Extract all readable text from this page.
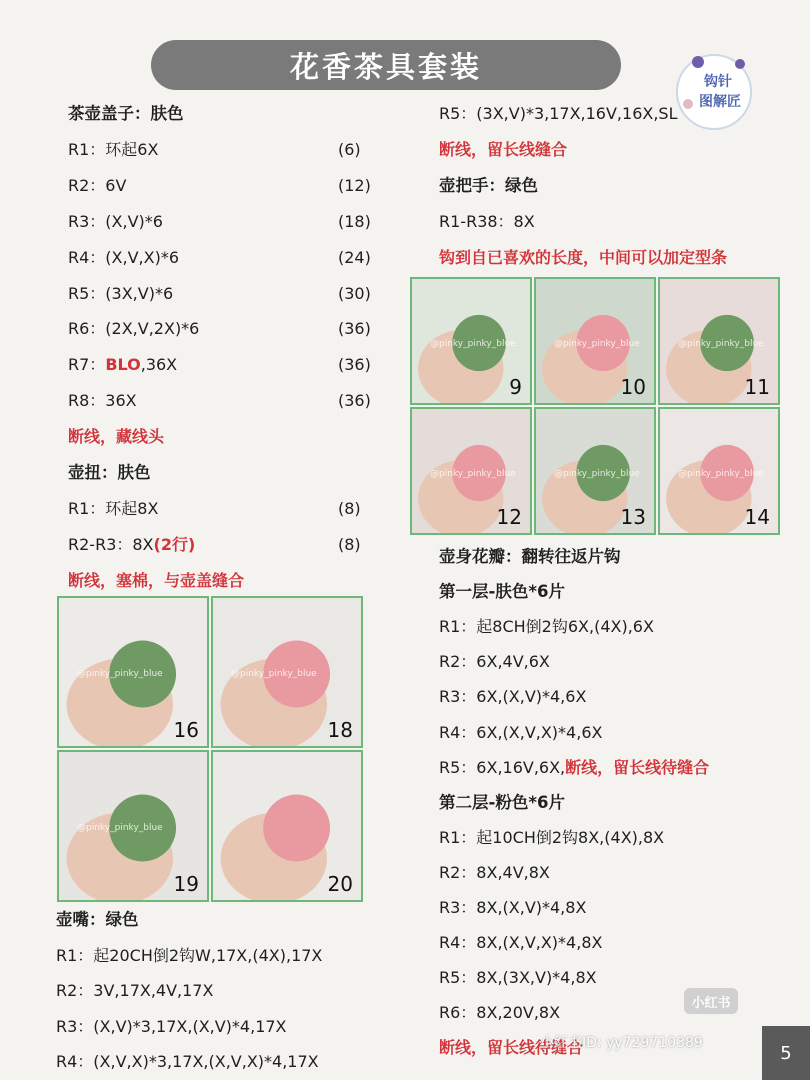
花香茶具套装	钩针
图解匠
茶壶盖子：肤色
R1：环起6X	(6)
R2：6V	(12)
R3：(X,V)*6	(18)
R4：(X,V,X)*6	(24)
R5：(3X,V)*6	(30)
R6：(2X,V,2X)*6	(36)
R7：BLO,36X	(36)
R8：36X	(36)
断线，藏线头
壶扭：肤色
R1：环起8X	(8)
R2-R3：8X(2行)	(8)
断线，塞棉，与壶盖缝合
壶嘴：绿色
R1：起20CH倒2钩W,17X,(4X),17X
R2：3V,17X,4V,17X
R3：(X,V)*3,17X,(X,V)*4,17X
R4：(X,V,X)*3,17X,(X,V,X)*4,17X
R5：(3X,V)*3,17X,16V,16X,SL
断线，留长线缝合
壶把手：绿色
R1-R38：8X
钩到自已喜欢的长度，中间可以加定型条
壶身花瓣：翻转往返片钩
第一层-肤色*6片
R1：起8CH倒2钩6X,(4X),6X
R2：6X,4V,6X
R3：6X,(X,V)*4,6X
R4：6X,(X,V,X)*4,6X
R5：6X,16V,6X,断线，留长线待缝合
第二层-粉色*6片
R1：起10CH倒2钩8X,(4X),8X
R2：8X,4V,8X
R3：8X,(X,V)*4,8X
R4：8X,(X,V,X)*4,8X
R5：8X,(3X,V)*4,8X
R6：8X,20V,8X
断线，留长线待缝合
@pinky_pinky_blue
9
@pinky_pinky_blue
10
@pinky_pinky_blue
11
@pinky_pinky_blue
12
@pinky_pinky_blue
13
@pinky_pinky_blue
14
@pinky_pinky_blue
16
@pinky_pinky_blue
18
@pinky_pinky_blue
19	20
小红书
小红书ID: yy729710389	5
